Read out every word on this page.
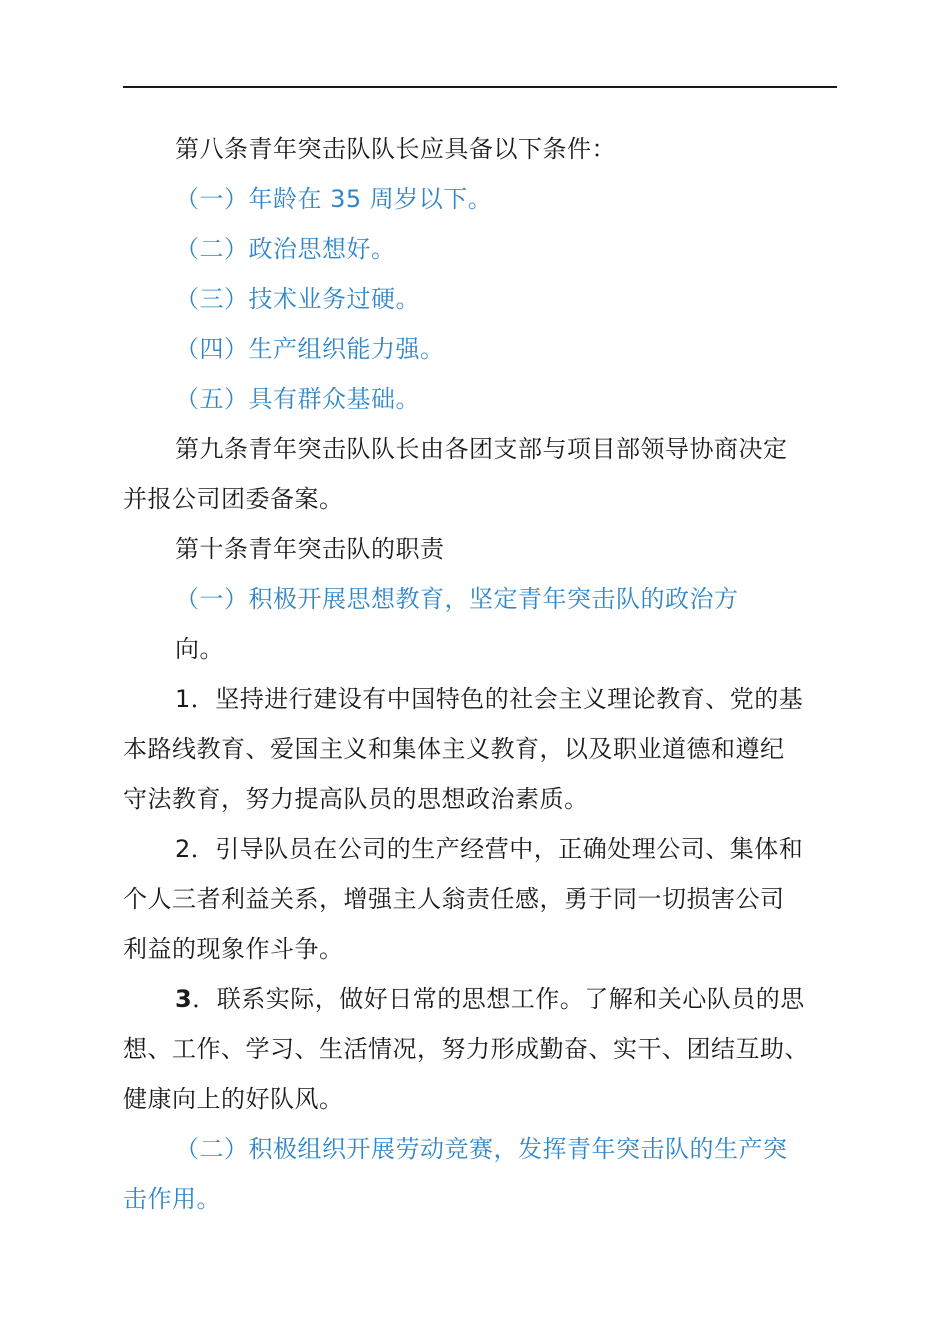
第八条青年突击队队长应具备以下条件：
（一）年龄在 35 周岁以下。
（二）政治思想好。
（三）技术业务过硬。
（四）生产组织能力强。
（五）具有群众基础。
第九条青年突击队队长由各团支部与项目部领导协商决定
并报公司团委备案。
第十条青年突击队的职责
（一）积极开展思想教育，坚定青年突击队的政治方
向。
1．坚持进行建设有中国特色的社会主义理论教育、党的基
本路线教育、爱国主义和集体主义教育，以及职业道德和遵纪
守法教育，努力提高队员的思想政治素质。
2．引导队员在公司的生产经营中，正确处理公司、集体和
个人三者利益关系，增强主人翁责任感，勇于同一切损害公司
利益的现象作斗争。
3．联系实际，做好日常的思想工作。了解和关心队员的思
想、工作、学习、生活情况，努力形成勤奋、实干、团结互助、
健康向上的好队风。
（二）积极组织开展劳动竞赛，发挥青年突击队的生产突
击作用。
